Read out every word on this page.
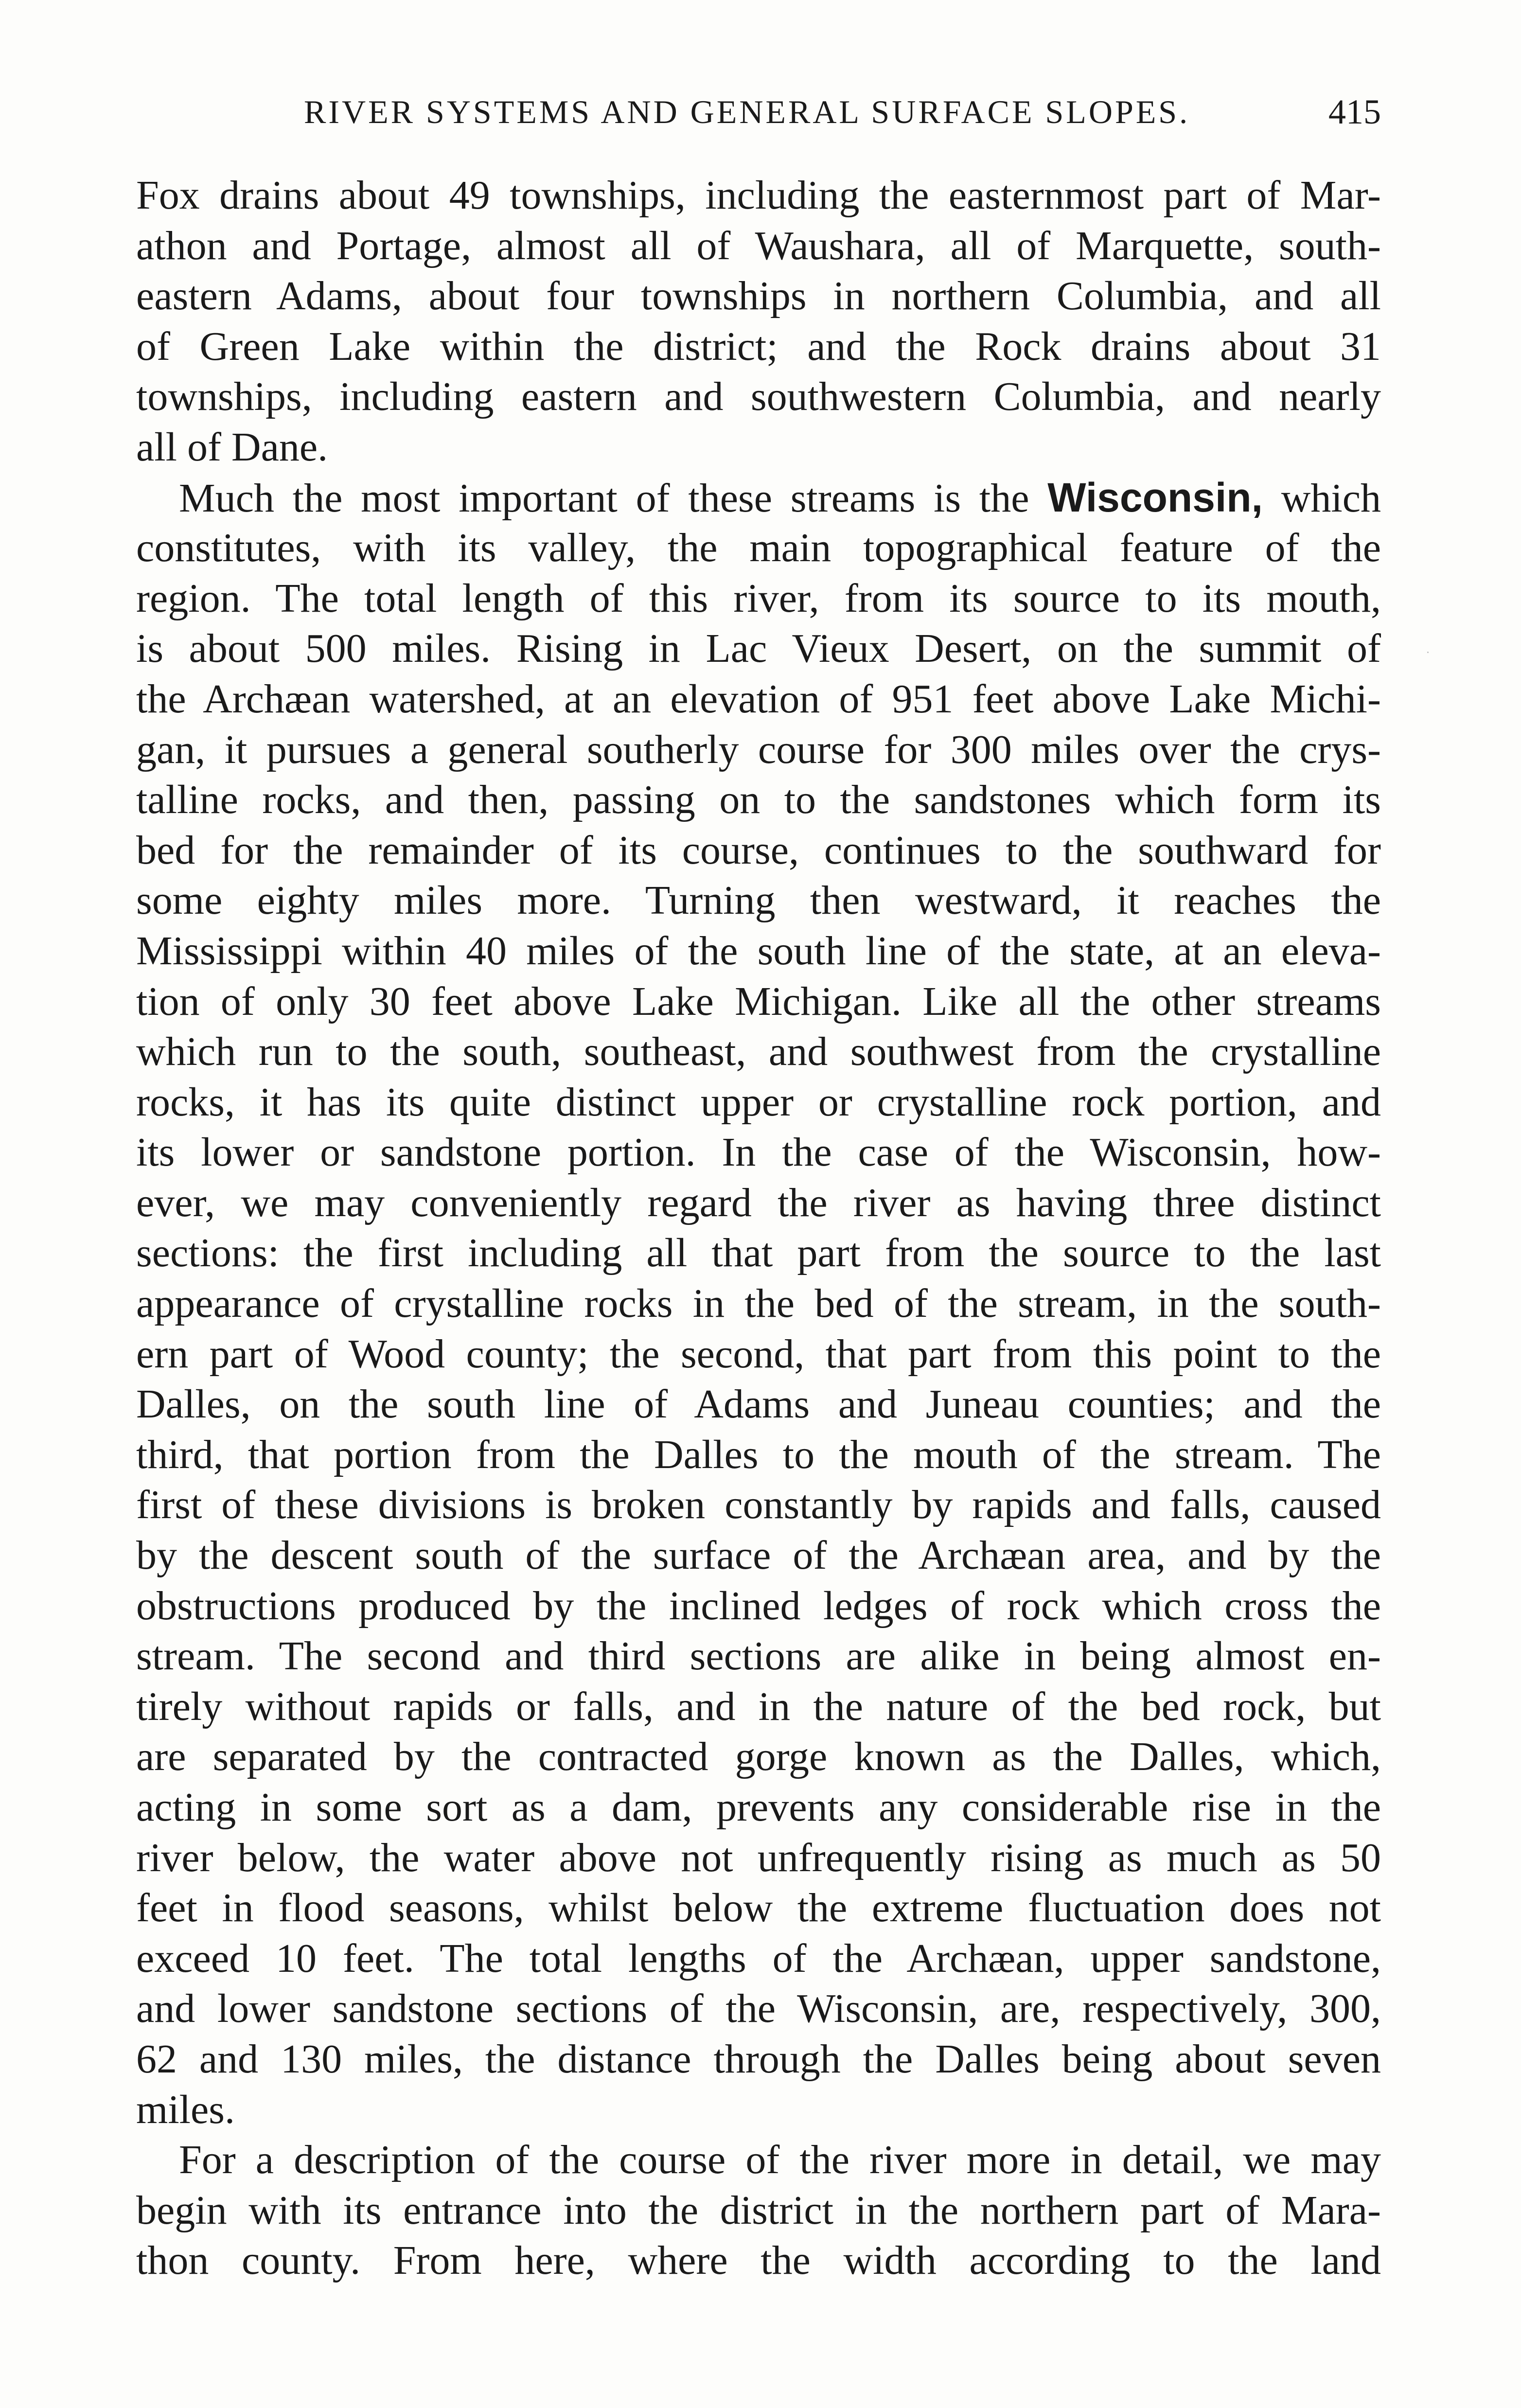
RIVER SYSTEMS AND GENERAL SURFACE SLOPES.	415
Fox drains about 49 townships, including the easternmost part of Mar-
athon and Portage, almost all of Waushara, all of Marquette, south-
eastern Adams, about four townships in northern Columbia, and all
of Green Lake within the district; and the Rock drains about 31
townships, including eastern and southwestern Columbia, and nearly
all of Dane.
Much the most important of these streams is the Wisconsin, which
constitutes, with its valley, the main topographical feature of the
region. The total length of this river, from its source to its mouth,
is about 500 miles. Rising in Lac Vieux Desert, on the summit of
the Archæan watershed, at an elevation of 951 feet above Lake Michi-
gan, it pursues a general southerly course for 300 miles over the crys-
talline rocks, and then, passing on to the sandstones which form its
bed for the remainder of its course, continues to the southward for
some eighty miles more. Turning then westward, it reaches the
Mississippi within 40 miles of the south line of the state, at an eleva-
tion of only 30 feet above Lake Michigan. Like all the other streams
which run to the south, southeast, and southwest from the crystalline
rocks, it has its quite distinct upper or crystalline rock portion, and
its lower or sandstone portion. In the case of the Wisconsin, how-
ever, we may conveniently regard the river as having three distinct
sections: the first including all that part from the source to the last
appearance of crystalline rocks in the bed of the stream, in the south-
ern part of Wood county; the second, that part from this point to the
Dalles, on the south line of Adams and Juneau counties; and the
third, that portion from the Dalles to the mouth of the stream. The
first of these divisions is broken constantly by rapids and falls, caused
by the descent south of the surface of the Archæan area, and by the
obstructions produced by the inclined ledges of rock which cross the
stream. The second and third sections are alike in being almost en-
tirely without rapids or falls, and in the nature of the bed rock, but
are separated by the contracted gorge known as the Dalles, which,
acting in some sort as a dam, prevents any considerable rise in the
river below, the water above not unfrequently rising as much as 50
feet in flood seasons, whilst below the extreme fluctuation does not
exceed 10 feet. The total lengths of the Archæan, upper sandstone,
and lower sandstone sections of the Wisconsin, are, respectively, 300,
62 and 130 miles, the distance through the Dalles being about seven
miles.
For a description of the course of the river more in detail, we may
begin with its entrance into the district in the northern part of Mara-
thon county. From here, where the width according to the land
